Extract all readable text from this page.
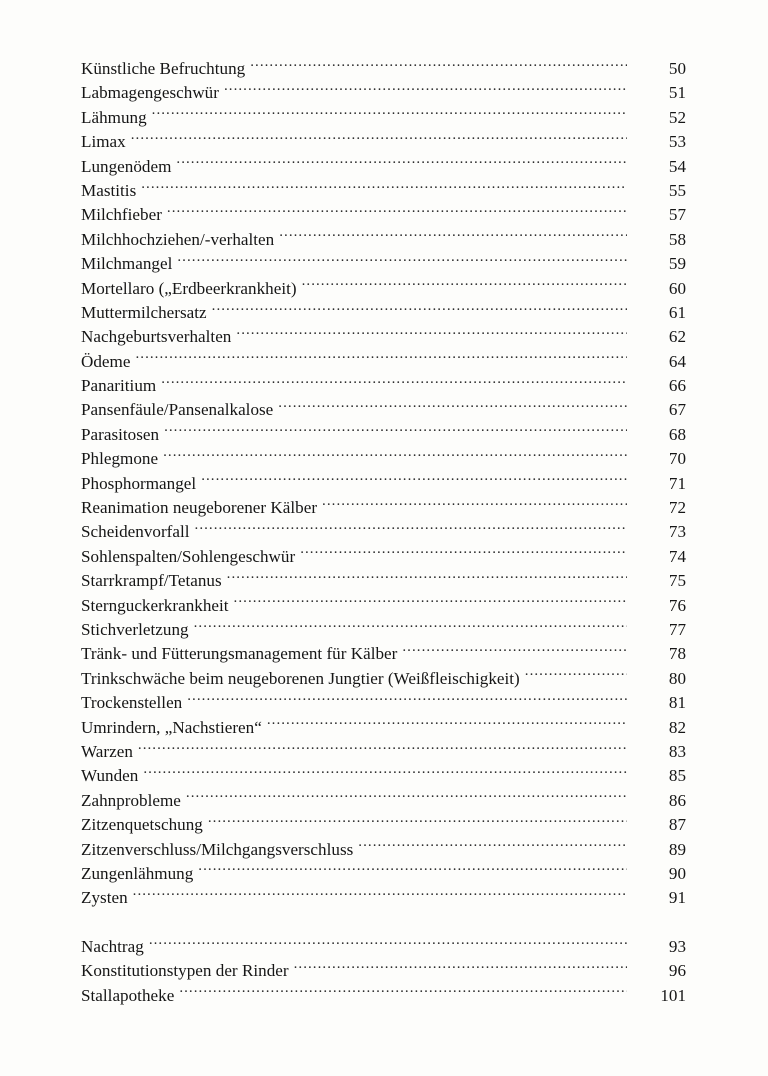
Künstliche Befruchtung . . .	50
Labmagengeschwür . . .	51
Lähmung . . .	52
Limax . . .	53
Lungenödem . . .	54
Mastitis . . .	55
Milchfieber . . .	57
Milchhochziehen/-verhalten . . .	58
Milchmangel . . .	59
Mortellaro („Erdbeerkrankheit) . . .	60
Muttermilchersatz . . .	61
Nachgeburtsverhalten . . .	62
Ödeme . . .	64
Panaritium . . .	66
Pansenfäule/Pansenalkalose . . .	67
Parasitosen . . .	68
Phlegmone . . .	70
Phosphormangel . . .	71
Reanimation neugeborener Kälber . . .	72
Scheidenvorfall . . .	73
Sohlenspalten/Sohlengeschwür . . .	74
Starrkrampf/Tetanus . . .	75
Sternguckerkrankheit . . .	76
Stichverletzung . . .	77
Tränk- und Fütterungsmanagement für Kälber . . .	78
Trinkschwäche beim neugeborenen Jungtier (Weißfleischigkeit) . . .	80
Trockenstellen . . .	81
Umrindern, „Nachstieren“ . . .	82
Warzen . . .	83
Wunden . . .	85
Zahnprobleme . . .	86
Zitzenquetschung . . .	87
Zitzenverschluss/Milchgangsverschluss . . .	89
Zungenlähmung . . .	90
Zysten . . .	91
Nachtrag . . .	93
Konstitutionstypen der Rinder . . .	96
Stallapotheke . . .	101
